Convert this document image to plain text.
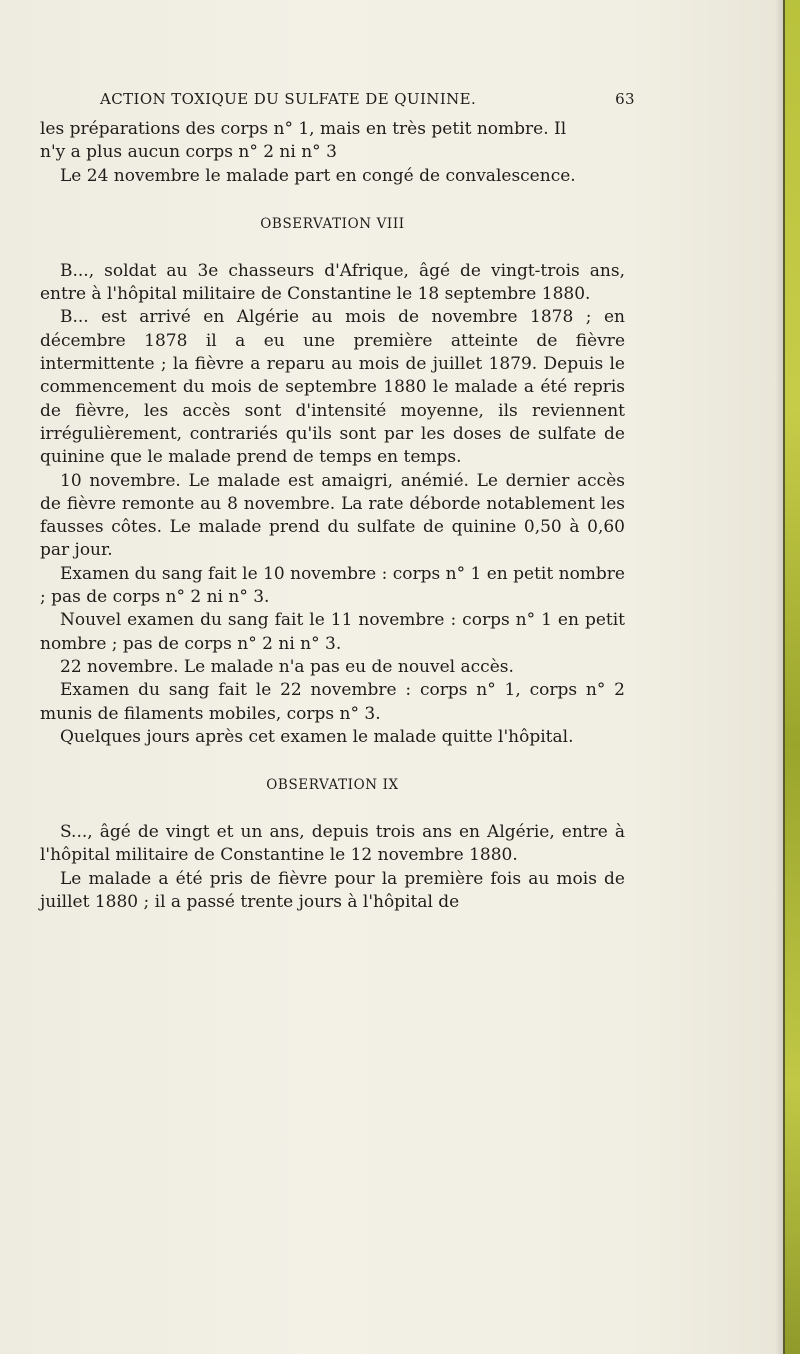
ACTION TOXIQUE DU SULFATE DE QUININE.	63

les préparations des corps n° 1, mais en très petit nombre. Il

n'y a plus aucun corps n° 2 ni n° 3

Le 24 novembre le malade part en congé de convalescence.

OBSERVATION VIII

B..., soldat au 3e chasseurs d'Afrique, âgé de vingt-trois ans, entre à l'hôpital militaire de Constantine le 18 septembre 1880.

B... est arrivé en Algérie au mois de novembre 1878 ; en décembre 1878 il a eu une première atteinte de fièvre intermittente ; la fièvre a reparu au mois de juillet 1879. Depuis le commencement du mois de septembre 1880 le malade a été repris de fièvre, les accès sont d'intensité moyenne, ils reviennent irrégulièrement, contrariés qu'ils sont par les doses de sulfate de quinine que le malade prend de temps en temps.

10 novembre. Le malade est amaigri, anémié. Le dernier accès de fièvre remonte au 8 novembre. La rate déborde notablement les fausses côtes. Le malade prend du sulfate de quinine 0,50 à 0,60 par jour.

Examen du sang fait le 10 novembre : corps n° 1 en petit nombre ; pas de corps n° 2 ni n° 3.

Nouvel examen du sang fait le 11 novembre : corps n° 1 en petit nombre ; pas de corps n° 2 ni n° 3.

22 novembre. Le malade n'a pas eu de nouvel accès.

Examen du sang fait le 22 novembre : corps n° 1, corps n° 2 munis de filaments mobiles, corps n° 3.

Quelques jours après cet examen le malade quitte l'hôpital.

OBSERVATION IX

S..., âgé de vingt et un ans, depuis trois ans en Algérie, entre à l'hôpital militaire de Constantine le 12 novembre 1880.

Le malade a été pris de fièvre pour la première fois au mois de juillet 1880 ; il a passé trente jours à l'hôpital de
